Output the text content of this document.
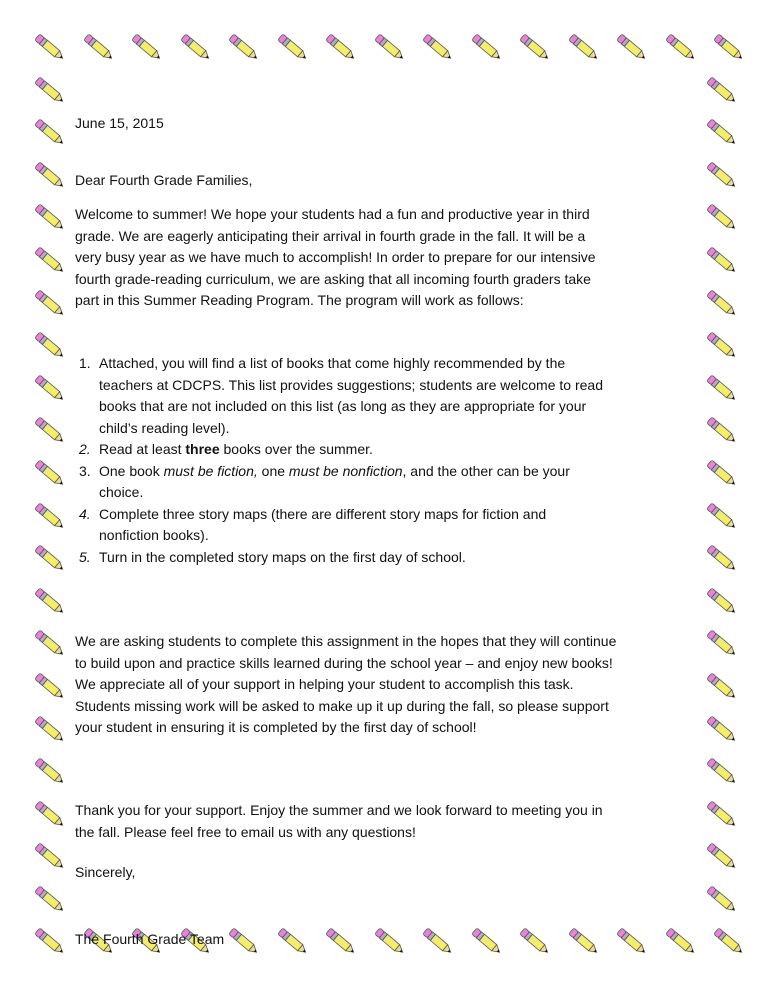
June 15, 2015
Dear Fourth Grade Families,
Welcome to summer! We hope your students had a fun and productive year in third
grade. We are eagerly anticipating their arrival in fourth grade in the fall. It will be a
very busy year as we have much to accomplish! In order to prepare for our intensive
fourth grade-reading curriculum, we are asking that all incoming fourth graders take
part in this Summer Reading Program. The program will work as follows:
1. Attached, you will find a list of books that come highly recommended by the
teachers at CDCPS. This list provides suggestions; students are welcome to read
books that are not included on this list (as long as they are appropriate for your
child’s reading level).
2. Read at least three books over the summer.
3. One book must be fiction, one must be nonfiction, and the other can be your
choice.
4. Complete three story maps (there are different story maps for fiction and
nonfiction books).
5. Turn in the completed story maps on the first day of school.
We are asking students to complete this assignment in the hopes that they will continue
to build upon and practice skills learned during the school year – and enjoy new books!
We appreciate all of your support in helping your student to accomplish this task.
Students missing work will be asked to make up it up during the fall, so please support
your student in ensuring it is completed by the first day of school!
Thank you for your support. Enjoy the summer and we look forward to meeting you in
the fall. Please feel free to email us with any questions!
Sincerely,
The Fourth Grade Team
